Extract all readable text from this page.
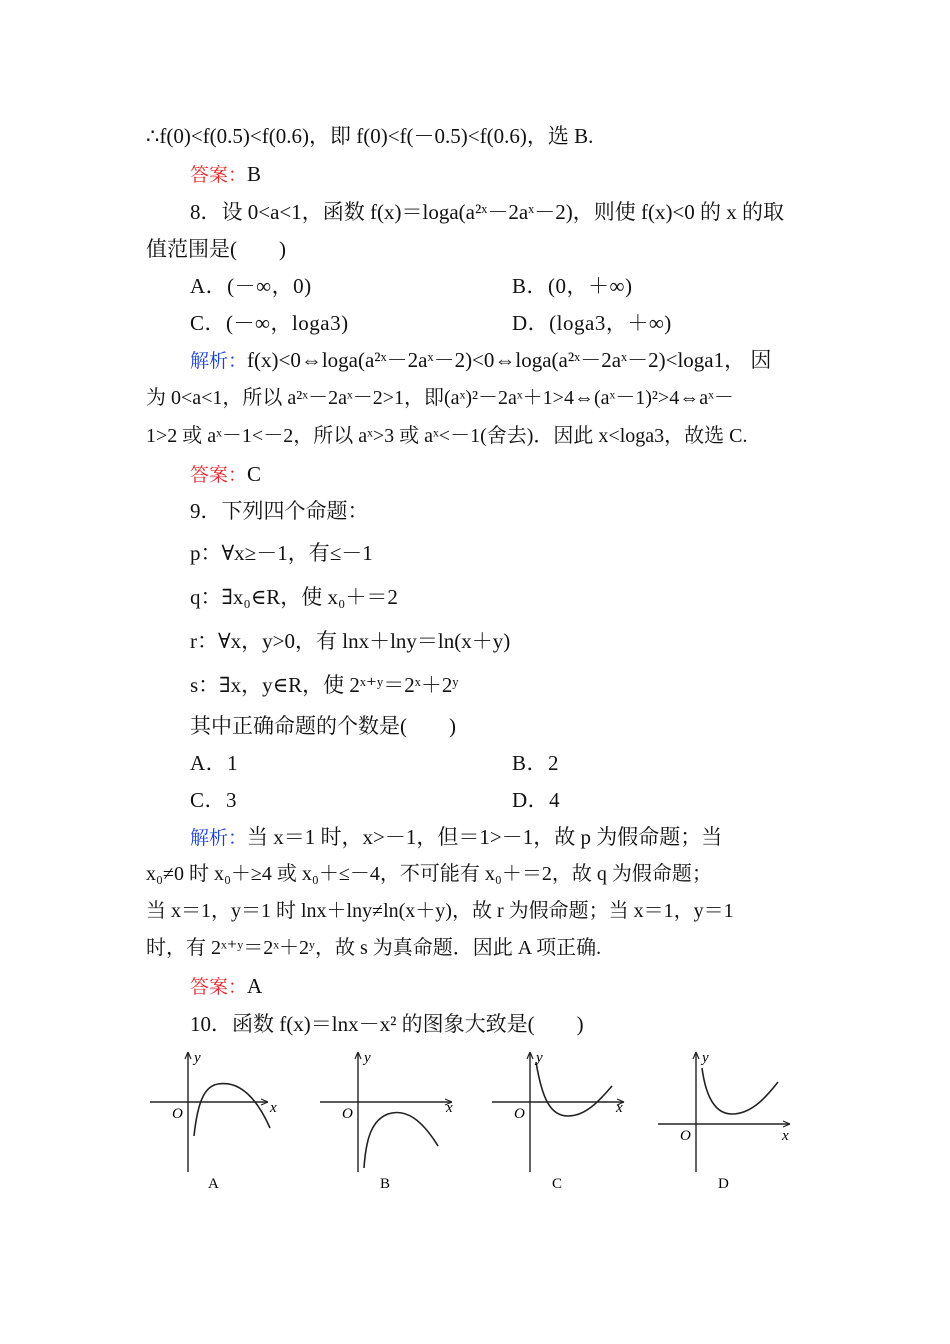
∴f(0)<f(0.5)<f(0.6)，即 f(0)<f(－0.5)<f(0.6)，选 B.
答案：B
8．设 0<a<1，函数 f(x)＝loga(a²ˣ－2aˣ－2)，则使 f(x)<0 的 x 的取
值范围是(　　)
A．(－∞，0)	B．(0，＋∞)
C．(－∞，loga3)	D．(loga3，＋∞)
解析：f(x)<0⇔loga(a²ˣ－2aˣ－2)<0⇔loga(a²ˣ－2aˣ－2)<loga1， 因
为 0<a<1，所以 a²ˣ－2aˣ－2>1，即(aˣ)²－2aˣ＋1>4⇔(aˣ－1)²>4⇔aˣ－
1>2 或 aˣ－1<－2，所以 aˣ>3 或 aˣ<－1(舍去)．因此 x<loga3，故选 C.
答案：C
9．下列四个命题：
p：∀x≥－1，有≤－1
q：∃x₀∈R，使 x₀＋＝2
r：∀x，y>0，有 lnx＋lny＝ln(x＋y)
s：∃x，y∈R，使 2ˣ⁺ʸ＝2ˣ＋2ʸ
其中正确命题的个数是(　　)
A．1	B．2
C．3	D．4
解析：当 x＝1 时，x>－1，但＝1>－1，故 p 为假命题；当
x₀≠0 时 x₀＋≥4 或 x₀＋≤－4，不可能有 x₀＋＝2，故 q 为假命题；
当 x＝1，y＝1 时 lnx＋lny≠ln(x＋y)，故 r 为假命题；当 x＝1，y＝1
时，有 2ˣ⁺ʸ＝2ˣ＋2ʸ，故 s 为真命题．因此 A 项正确.
答案：A
10．函数 f(x)＝lnx－x² 的图象大致是(　　)
y
x
O
A
y
x
O
B
y
x
O
C
y
x
O
D
